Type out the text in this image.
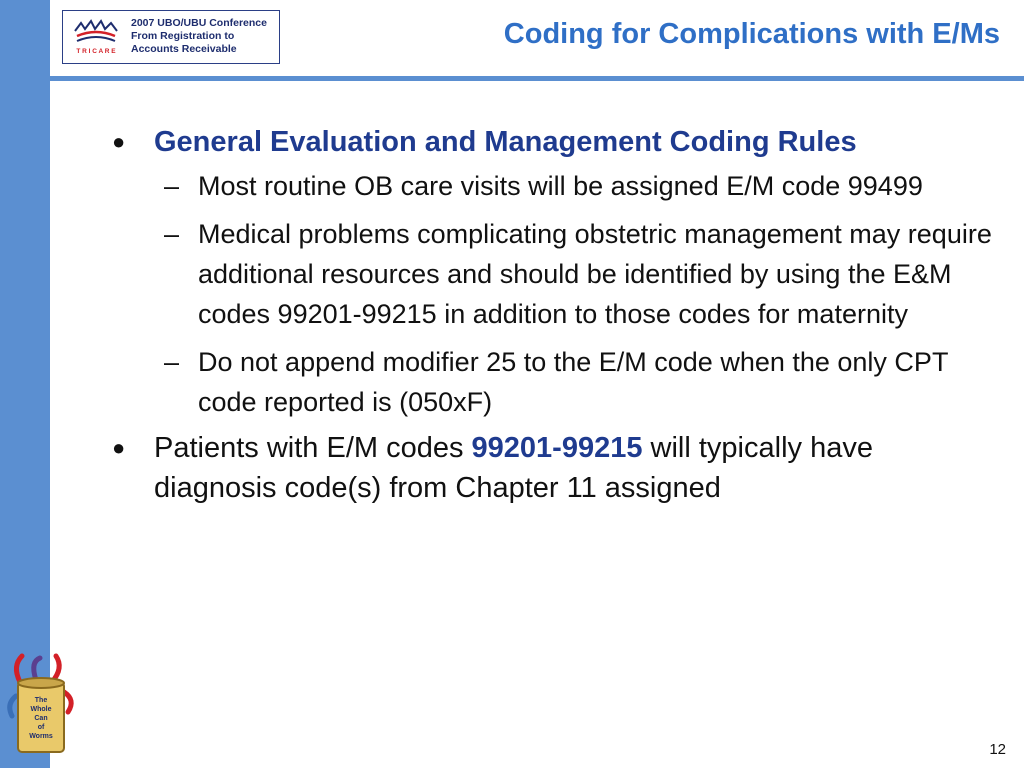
T R I C A R E
2007 UBO/UBU Conference
From Registration to
Accounts Receivable	Coding for Complications with E/Ms
● General Evaluation and Management Coding Rules
– Most routine OB care visits will be assigned E/M code 99499
– Medical problems complicating obstetric management may require additional resources and should be identified by using the E&M codes 99201-99215 in addition to those codes for maternity
– Do not append modifier 25 to the E/M code when the only CPT code reported is (050xF)
● Patients with E/M codes 99201-99215 will typically have diagnosis code(s) from Chapter 11 assigned
The
Whole
Can
of
Worms
12
